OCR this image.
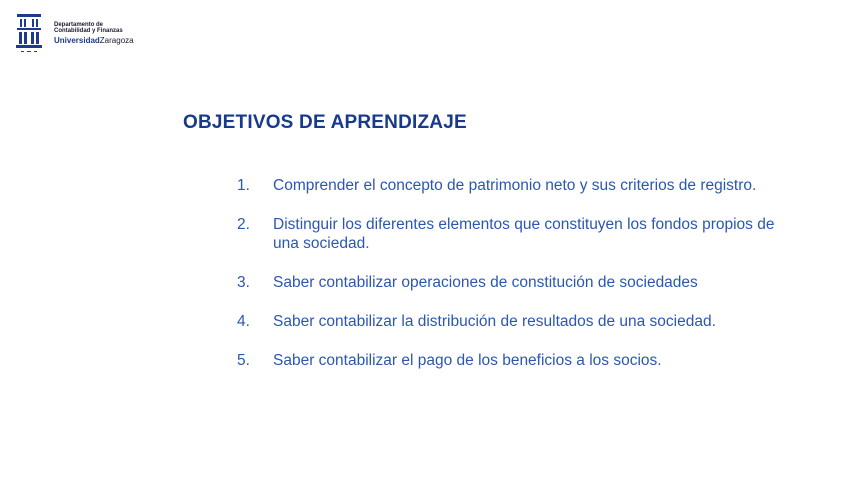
Departamento de
Contabilidad y Finanzas
UniversidadZaragoza
OBJETIVOS DE APRENDIZAJE
1.	Comprender el concepto de patrimonio neto y sus criterios de registro.
2.	Distinguir los diferentes elementos que constituyen los fondos propios de una sociedad.
3.	Saber contabilizar operaciones de constitución de sociedades
4.	Saber contabilizar la distribución de resultados de una sociedad.
5.	Saber contabilizar el pago de los beneficios a los socios.
